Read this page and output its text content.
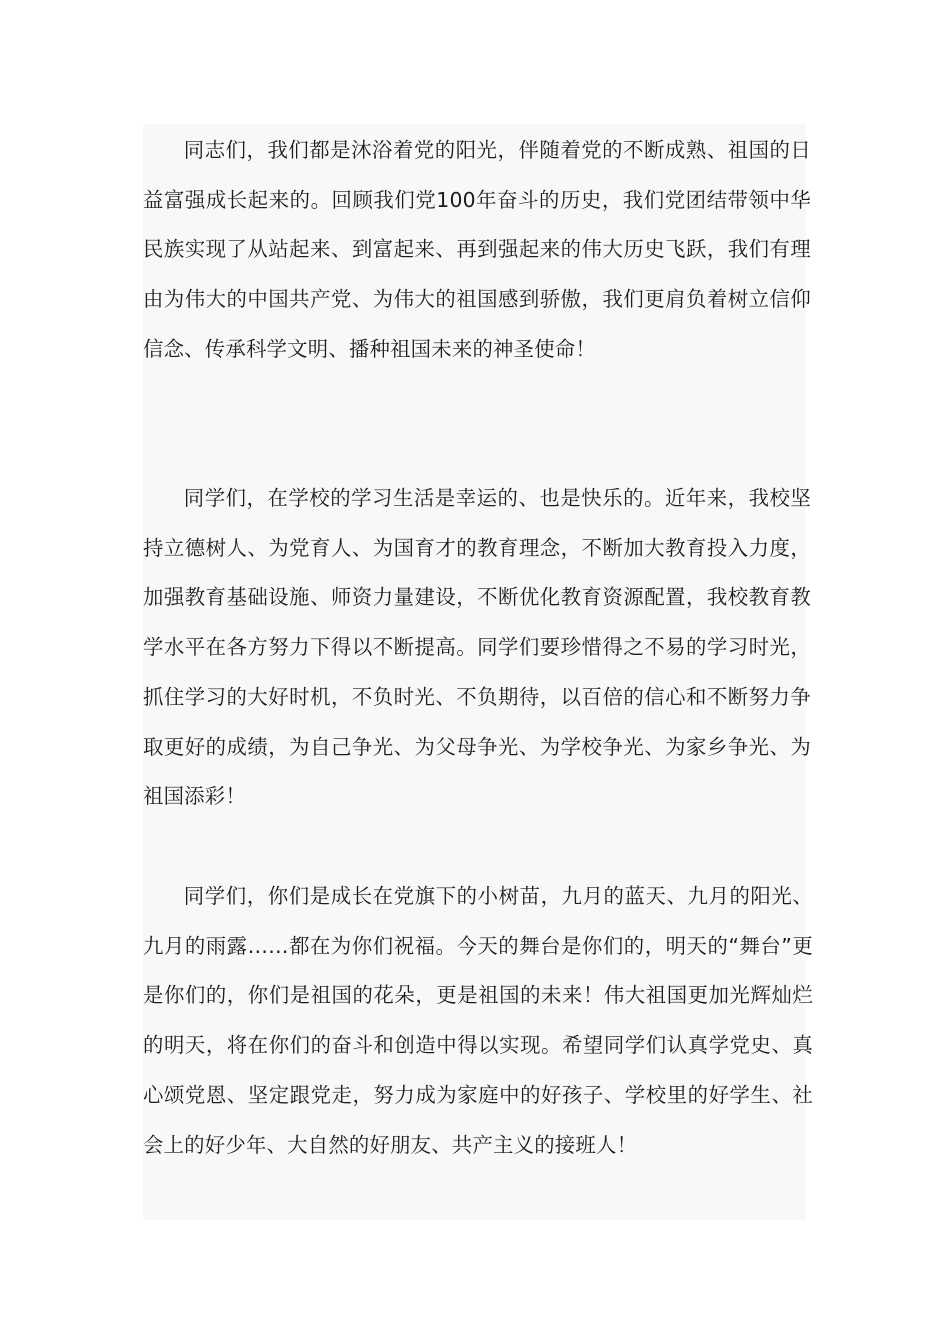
同志们，我们都是沐浴着党的阳光，伴随着党的不断成熟、祖国的日益富强成长起来的。回顾我们党100年奋斗的历史，我们党团结带领中华民族实现了从站起来、到富起来、再到强起来的伟大历史飞跃，我们有理由为伟大的中国共产党、为伟大的祖国感到骄傲，我们更肩负着树立信仰信念、传承科学文明、播种祖国未来的神圣使命！

同学们，在学校的学习生活是幸运的、也是快乐的。近年来，我校坚持立德树人、为党育人、为国育才的教育理念，不断加大教育投入力度，加强教育基础设施、师资力量建设，不断优化教育资源配置，我校教育教学水平在各方努力下得以不断提高。同学们要珍惜得之不易的学习时光，抓住学习的大好时机，不负时光、不负期待，以百倍的信心和不断努力争取更好的成绩，为自己争光、为父母争光、为学校争光、为家乡争光、为祖国添彩！

同学们，你们是成长在党旗下的小树苗，九月的蓝天、九月的阳光、九月的雨露……都在为你们祝福。今天的舞台是你们的，明天的“舞台”更是你们的，你们是祖国的花朵，更是祖国的未来！伟大祖国更加光辉灿烂的明天，将在你们的奋斗和创造中得以实现。希望同学们认真学党史、真心颂党恩、坚定跟党走，努力成为家庭中的好孩子、学校里的好学生、社会上的好少年、大自然的好朋友、共产主义的接班人！
